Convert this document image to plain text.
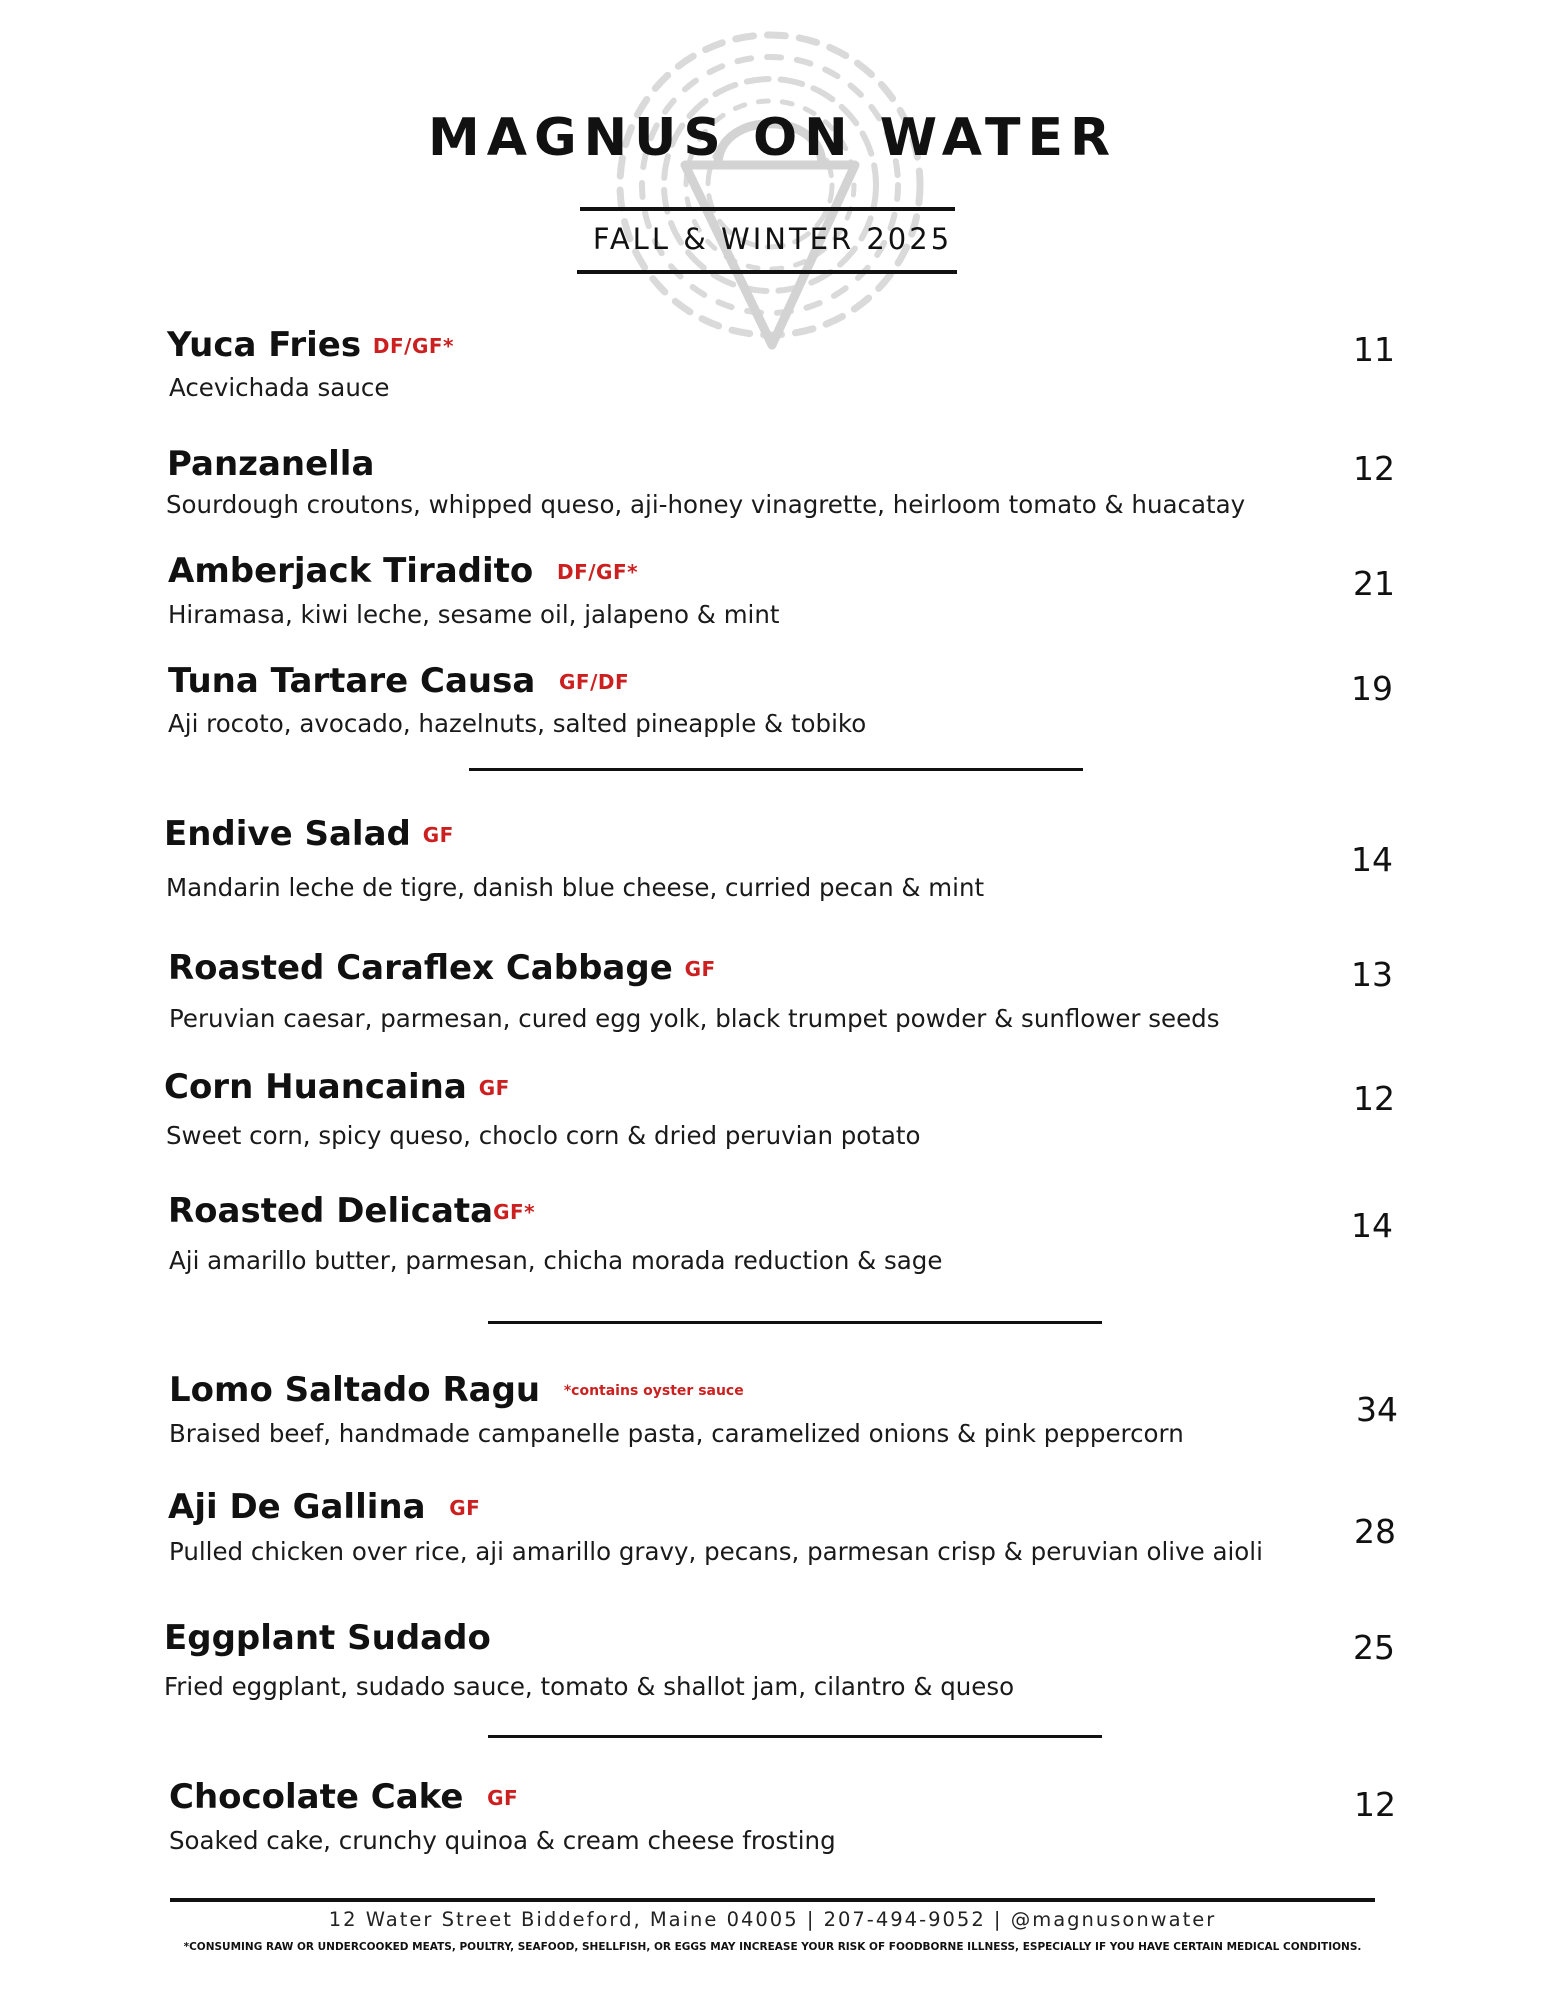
MAGNUS ON WATER
FALL & WINTER 2025
Yuca Fries DF/GF*
Acevichada sauce
11
Panzanella
Sourdough croutons, whipped queso, aji-honey vinagrette, heirloom tomato & huacatay
12
Amberjack Tiradito DF/GF*
Hiramasa, kiwi leche, sesame oil, jalapeno & mint
21
Tuna Tartare Causa GF/DF
Aji rocoto, avocado, hazelnuts, salted pineapple & tobiko
19
Endive Salad GF
Mandarin leche de tigre, danish blue cheese, curried pecan & mint
14
Roasted Caraflex Cabbage GF
Peruvian caesar, parmesan, cured egg yolk, black trumpet powder & sunflower seeds
13
Corn Huancaina GF
Sweet corn, spicy queso, choclo corn & dried peruvian potato
12
Roasted DelicataGF*
Aji amarillo butter, parmesan, chicha morada reduction & sage
14
Lomo Saltado Ragu *contains oyster sauce
Braised beef, handmade campanelle pasta, caramelized onions & pink peppercorn
34
Aji De Gallina GF
Pulled chicken over rice, aji amarillo gravy, pecans, parmesan crisp & peruvian olive aioli
28
Eggplant Sudado
Fried eggplant, sudado sauce, tomato & shallot jam, cilantro & queso
25
Chocolate Cake GF
Soaked cake, crunchy quinoa & cream cheese frosting
12
12 Water Street Biddeford, Maine 04005 | 207-494-9052 | @magnusonwater
*CONSUMING RAW OR UNDERCOOKED MEATS, POULTRY, SEAFOOD, SHELLFISH, OR EGGS MAY INCREASE YOUR RISK OF FOODBORNE ILLNESS, ESPECIALLY IF YOU HAVE CERTAIN MEDICAL CONDITIONS.
